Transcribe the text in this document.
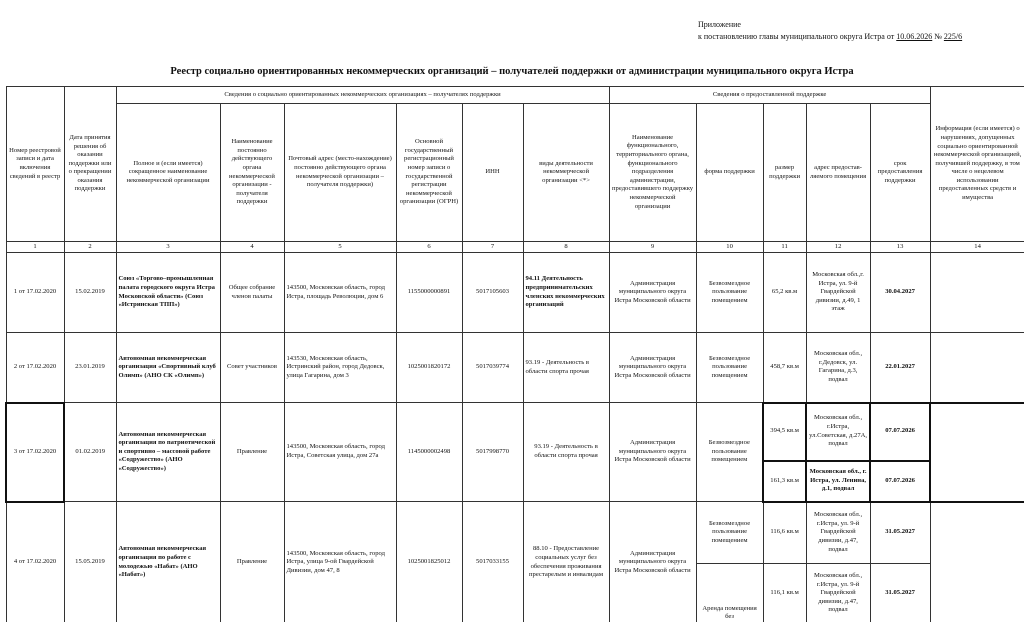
Приложение
к постановлению главы муниципального округа Истра от 10.06.2026 № 225/6
Реестр социально ориентированных некоммерческих организаций – получателей поддержки от администрации муниципального округа Истра
Номер реестровой записи и дата включения сведений в реестр	Дата принятия решения об оказании поддержки или о прекращении оказания поддержки	Сведения о социально ориентированных некоммерческих организациях – получателях поддержки						Сведения о предоставленной поддержке					Информация (если имеется) о нарушениях, допущенных социально ориентированной некоммерческой организацией, получившей поддержку, в том числе о нецелевом использовании предоставленных средств и имущества
		Полное и (если имеется) сокращенное наименование некоммерческой организации	Наименование постоянно действующего органа некоммерческой организации - получателя поддержки	Почтовый адрес (место-нахождение) постоянно действующего органа некоммерческой организации – получателя поддержки)	Основной государственный регистрационный номер записи о государственной регистрации некоммерческой организации (ОГРН)	ИНН	виды деятельности некоммерческой организации <*>	Наименование функционального, территориального органа, функционального подразделения администрации, предоставившего поддержку некоммерческой организации	форма поддержки	размер поддержки	адрес предостав-ляемого помещения	срок предоставления поддержки	
1	2	3	4	5	6	7	8	9	10	11	12	13	14
1 от 17.02.2020	15.02.2019	Союз «Торгово–промышленная палата городского округа Истра Московской области» (Союз «Истринская ТПП»)	Общее собрание членов палаты	143500, Московская область, город Истра, площадь Революции, дом 6	1155000000891	5017105603	94.11 Деятельность предпринимательских членских некоммерческих организаций	Администрация муниципального округа Истра Московской области	Безвозмездное пользование помещением	65,2 кв.м	Московская обл.,г. Истра, ул. 9-й Гвардейской дивизии, д.49, 1 этаж	30.04.2027	
2 от 17.02.2020	23.01.2019	Автономная некоммерческая организация «Спортивный клуб Олимп» (АНО СК «Олимп»)	Совет участников	143530, Московская область, Истринский район, город Дедовск, улица Гагарина, дом 3	1025001820172	5017039774	93.19 - Деятельность в области спорта прочая	Администрация муниципального округа Истра Московской области	Безвозмездное пользование помещением	458,7 кв.м	Московская обл., г.Дедовск, ул. Гагарина, д.3, подвал	22.01.2027	
3 от 17.02.2020	01.02.2019	Автономная некоммерческая организация по патриотической и спортивно – массовой работе «Содружество» (АНО «Содружество»)	Правление	143500, Московская область, город Истра, Советская улица, дом 27а	1145000002498	5017998770	93.19 - Деятельность в области спорта прочая	Администрация муниципального округа Истра Московской области	Безвозмездное пользование помещением	394,5 кв.м	Московская обл., г.Истра, ул.Советская, д.27А, подвал	07.07.2026	
										161,3 кв.м	Московская обл., г. Истра, ул. Ленина, д.1, подвал	07.07.2026	
4 от 17.02.2020	15.05.2019	Автономная некоммерческая организация по работе с молодежью «Набат» (АНО «Набат»)	Правление	143500, Московская область, город Истра, улица 9-ой Гвардейской Дивизии, дом 47, 8	1025001825012	5017033155	88.10 - Предоставление социальных услуг без обеспечения проживания престарелым и инвалидам	Администрация муниципального округа Истра Московской области	Безвозмездное пользование помещением	116,6 кв.м	Московская обл., г.Истра, ул. 9-й Гвардейской дивизии, д.47, подвал	31.05.2027	
									Аренда помещения без	116,1 кв.м	Московская обл., г.Истра, ул. 9-й Гвардейской дивизии, д.47, подвал	31.05.2027	
